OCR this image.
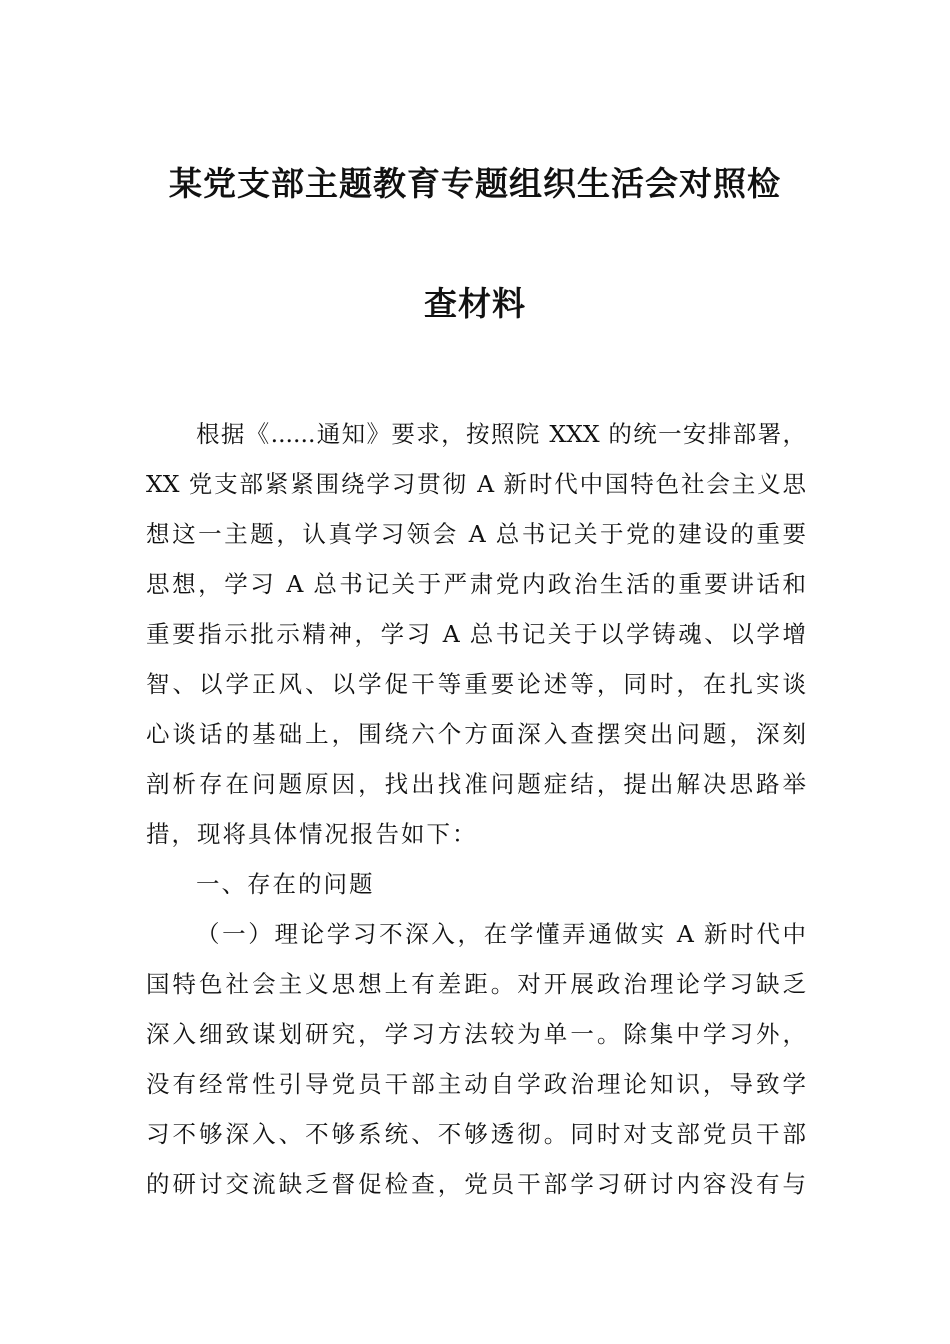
某党支部主题教育专题组织生活会对照检
查材料
根据《......通知》要求，按照院 XXX 的统一安排部署，
XX 党支部紧紧围绕学习贯彻 A 新时代中国特色社会主义思
想这一主题，认真学习领会 A 总书记关于党的建设的重要
思想，学习 A 总书记关于严肃党内政治生活的重要讲话和
重要指示批示精神，学习 A 总书记关于以学铸魂、以学增
智、以学正风、以学促干等重要论述等，同时，在扎实谈
心谈话的基础上，围绕六个方面深入查摆突出问题，深刻
剖析存在问题原因，找出找准问题症结，提出解决思路举
措，现将具体情况报告如下：
一、存在的问题
（一）理论学习不深入，在学懂弄通做实 A 新时代中
国特色社会主义思想上有差距。对开展政治理论学习缺乏
深入细致谋划研究，学习方法较为单一。除集中学习外，
没有经常性引导党员干部主动自学政治理论知识，导致学
习不够深入、不够系统、不够透彻。同时对支部党员干部
的研讨交流缺乏督促检查，党员干部学习研讨内容没有与
